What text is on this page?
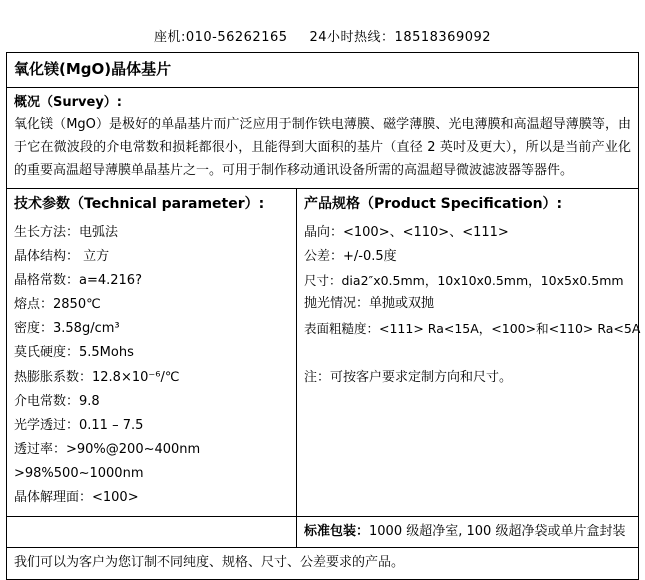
座机:010-56262165 24小时热线：18518369092
氧化镁(MgO)晶体基片	

概况（Survey）:
氧化镁（MgO）是极好的单晶基片而广泛应用于制作铁电薄膜、磁学薄膜、光电薄膜和高温超导薄膜等，由于它在微波段的介电常数和损耗都很小，且能得到大面积的基片（直径 2 英吋及更大），所以是当前产业化的重要高温超导薄膜单晶基片之一。可用于制作移动通讯设备所需的高温超导微波滤波器等器件。	

技术参数（Technical parameter）:
生长方法：电弧法
晶体结构： 立方
晶格常数：a=4.216?
熔点：2850℃
密度：3.58g/cm³
莫氏硬度：5.5Mohs
热膨胀系数：12.8×10⁻⁶/℃
介电常数：9.8
光学透过：0.11 – 7.5
透过率：>90%@200~400nm
>98%500~1000nm
晶体解理面：<100>

产品规格（Product Specification）:
晶向：<100>、<110>、<111>
公差：+/-0.5度
尺寸：dia2″x0.5mm，10x10x0.5mm，10x5x0.5mm
抛光情况：单抛或双抛
表面粗糙度：<111> Ra<15A，<100>和<110> Ra<5A
注：可按客户要求定制方向和尺寸。

	标准包装：1000 级超净室, 100 级超净袋或单片盒封装
我们可以为客户为您订制不同纯度、规格、尺寸、公差要求的产品。	
